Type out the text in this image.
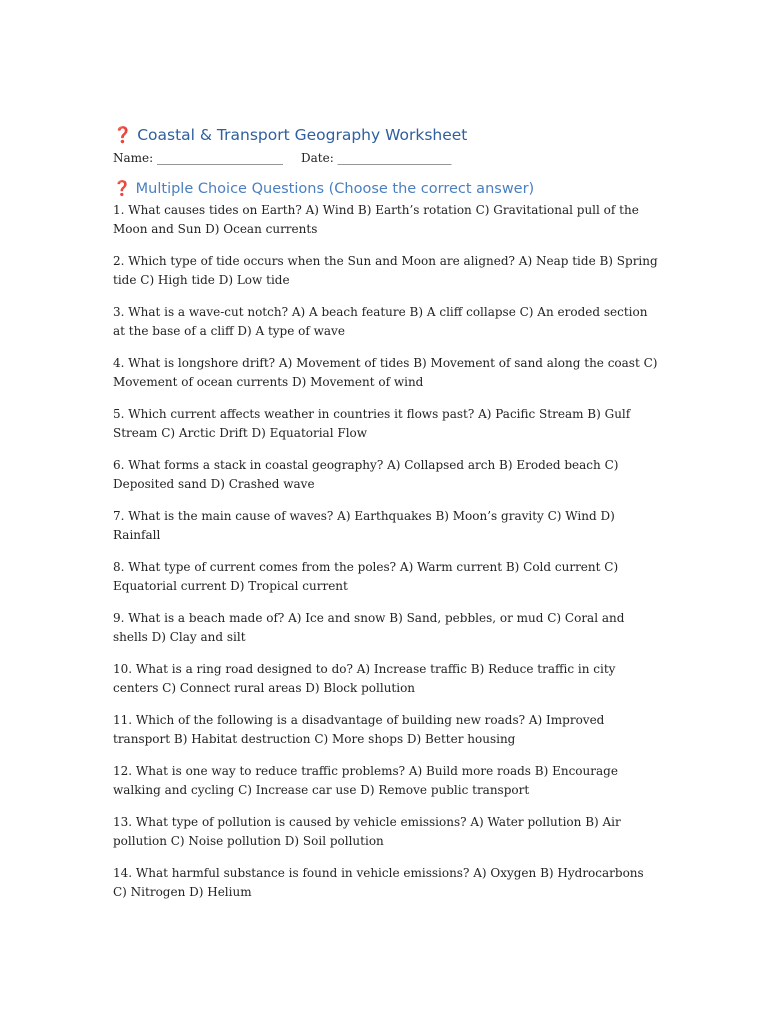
❓ Coastal & Transport Geography Worksheet
Name: _____________________ Date: ___________________
❓ Multiple Choice Questions (Choose the correct answer)

1. What causes tides on Earth? A) Wind B) Earth’s rotation C) Gravitational pull of the Moon and Sun D) Ocean currents

2. Which type of tide occurs when the Sun and Moon are aligned? A) Neap tide B) Spring tide C) High tide D) Low tide

3. What is a wave-cut notch? A) A beach feature B) A cliff collapse C) An eroded section at the base of a cliff D) A type of wave

4. What is longshore drift? A) Movement of tides B) Movement of sand along the coast C) Movement of ocean currents D) Movement of wind

5. Which current affects weather in countries it flows past? A) Pacific Stream B) Gulf Stream C) Arctic Drift D) Equatorial Flow

6. What forms a stack in coastal geography? A) Collapsed arch B) Eroded beach C) Deposited sand D) Crashed wave

7. What is the main cause of waves? A) Earthquakes B) Moon’s gravity C) Wind D) Rainfall

8. What type of current comes from the poles? A) Warm current B) Cold current C) Equatorial current D) Tropical current

9. What is a beach made of? A) Ice and snow B) Sand, pebbles, or mud C) Coral and shells D) Clay and silt

10. What is a ring road designed to do? A) Increase traffic B) Reduce traffic in city centers C) Connect rural areas D) Block pollution

11. Which of the following is a disadvantage of building new roads? A) Improved transport B) Habitat destruction C) More shops D) Better housing

12. What is one way to reduce traffic problems? A) Build more roads B) Encourage walking and cycling C) Increase car use D) Remove public transport

13. What type of pollution is caused by vehicle emissions? A) Water pollution B) Air pollution C) Noise pollution D) Soil pollution

14. What harmful substance is found in vehicle emissions? A) Oxygen B) Hydrocarbons C) Nitrogen D) Helium
